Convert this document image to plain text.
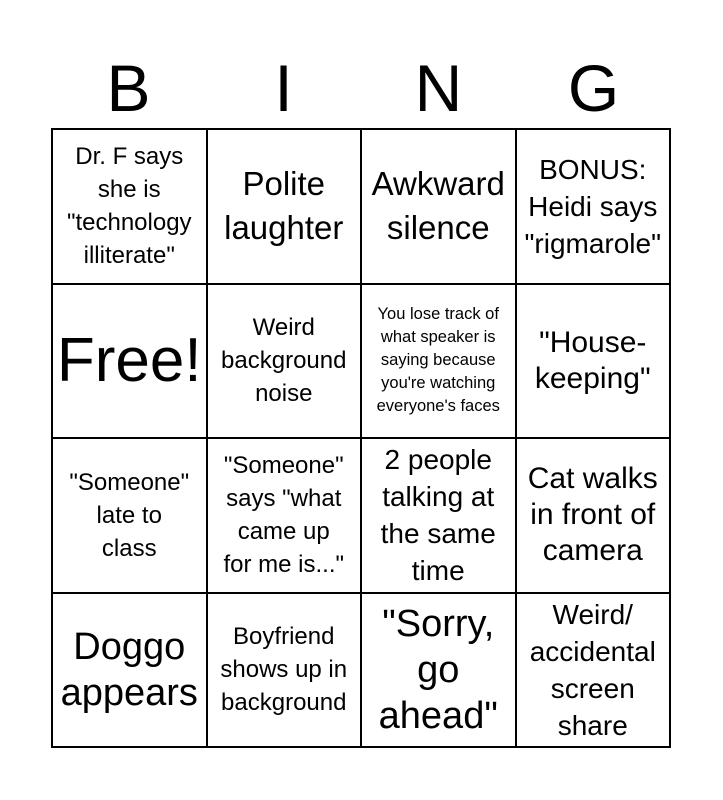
B	I	N	G
Dr. F says
she is
"technology
illiterate"
Polite
laughter
Awkward
silence
BONUS:
Heidi says
"rigmarole"
Free!	Weird
background
noise
You lose track of
what speaker is
saying because
you're watching
everyone's faces
"House-
keeping"
"Someone"
late to
class
"Someone"
says "what
came up
for me is..."
2 people
talking at
the same
time
Cat walks
in front of
camera
Doggo
appears
Boyfriend
shows up in
background
"Sorry,
go
ahead"
Weird/
accidental
screen
share
